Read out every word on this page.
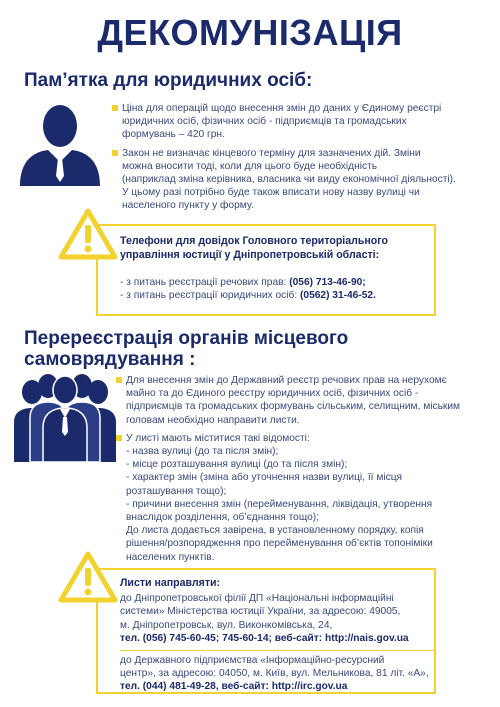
ДЕКОМУНІЗАЦІЯ
Пам’ятка для юридичних осіб:
Ціна для операцій щодо внесення змін до даних у Єдиному реєстрі
юридичних осіб, фізичних осіб - підприємців та громадських
формувань – 420 грн.
Закон не визначає кінцевого терміну для зазначених дій. Зміни
можна вносити тоді, коли для цього буде необхідність
(наприклад зміна керівника, власника чи виду економічної діяльності).
У цьому разі потрібно буде також вписати нову назву вулиці чи
населеного пункту у форму.
Телефони для довідок Головного територіального
управління юстиції у Дніпропетровській області:
- з питань реєстрації речових прав: (056) 713-46-90;
- з питань реєстрації юридичних осіб: (0562) 31-46-52.
Перереєстрація органів місцевого
самоврядування :
Для внесення змін до Державний реєстр речових прав на нерухомє
майно та до Єдиного реєстру юридичних осіб, фізичних осіб -
підприємців та громадських формувань сільським, селищним, міським
головам необхідно направити листи.
У листі мають міститися такі відомості:
- назва вулиці (до та після змін);
- місце розташування вулиці (до та після змін);
- характер змін (зміна або уточнення назви вулиці, її місця
розташування тощо);
- причини внесення змін (перейменування, ліквідація, утворення
внаслідок розділення, об’єднання тощо);
До листа додається завірена, в установленному порядку, копія
рішення/розпорядження про перейменування об’єктів топоніміки
населених пунктів.
Листи направляти:
до Дніпропетровської філії ДП «Національні інформаційні
системи» Міністерства юстиції України, за адресою: 49005,
м. Дніпропетровськ, вул. Виконкомівська, 24,
тел. (056) 745-60-45; 745-60-14; веб-сайт: http://nais.gov.ua
до Державного підприємства «Інформаційно-ресурсний
центр», за адресою: 04050, м. Київ, вул. Мельникова, 81 літ. «А»,
тел. (044) 481-49-28, веб-сайт: http://irc.gov.ua
